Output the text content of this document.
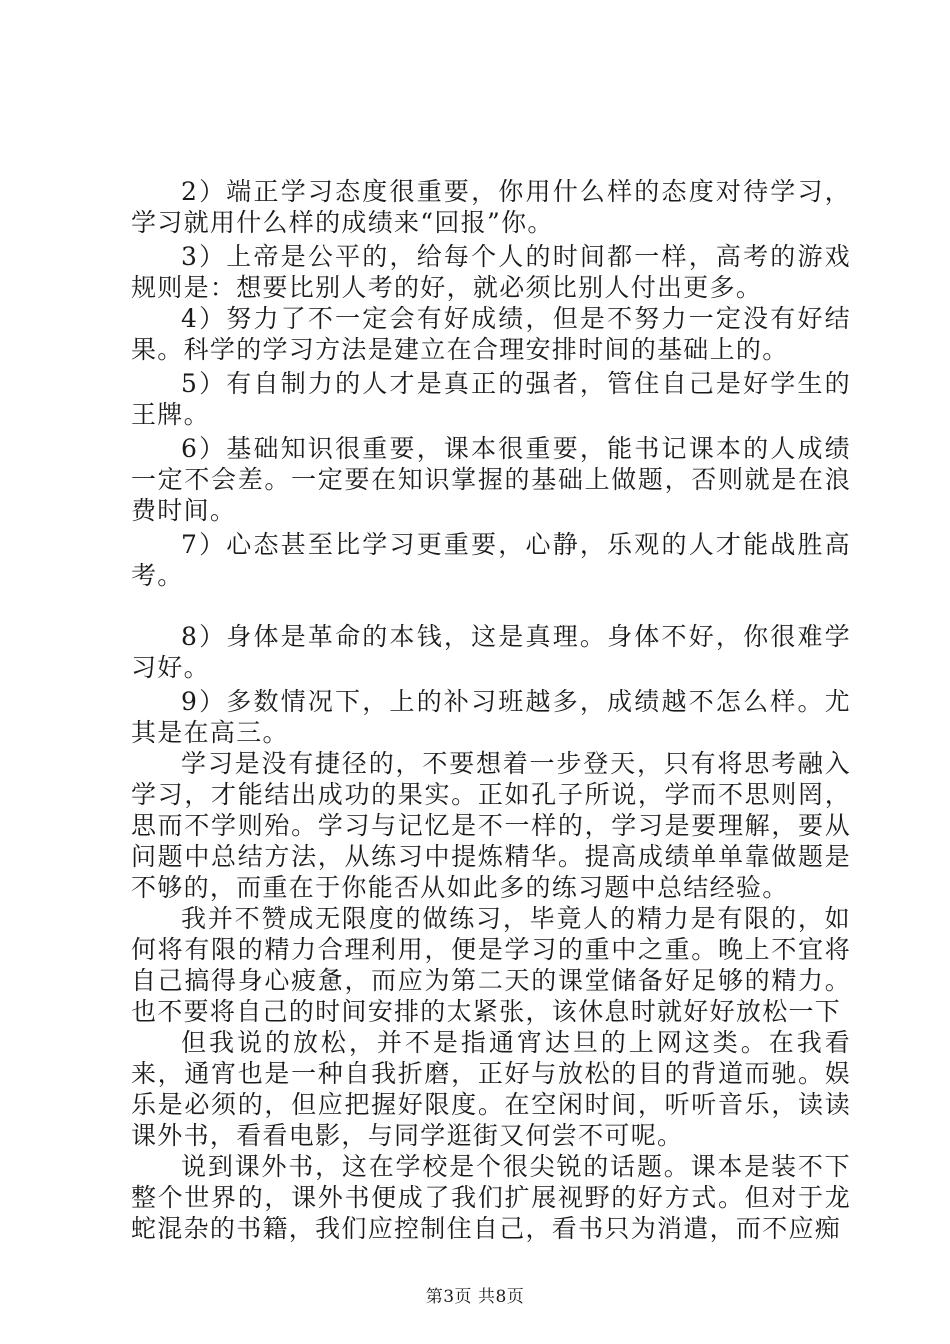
2）端正学习态度很重要，你用什么样的态度对待学习，学习就用什么样的成绩来“回报”你。

3）上帝是公平的，给每个人的时间都一样，高考的游戏规则是：想要比别人考的好，就必须比别人付出更多。

4）努力了不一定会有好成绩，但是不努力一定没有好结果。科学的学习方法是建立在合理安排时间的基础上的。

5）有自制力的人才是真正的强者，管住自己是好学生的王牌。

6）基础知识很重要，课本很重要，能书记课本的人成绩一定不会差。一定要在知识掌握的基础上做题，否则就是在浪费时间。

7）心态甚至比学习更重要，心静，乐观的人才能战胜高考。

8）身体是革命的本钱，这是真理。身体不好，你很难学习好。

9）多数情况下，上的补习班越多，成绩越不怎么样。尤其是在高三。

学习是没有捷径的，不要想着一步登天，只有将思考融入学习，才能结出成功的果实。正如孔子所说，学而不思则罔，思而不学则殆。学习与记忆是不一样的，学习是要理解，要从问题中总结方法，从练习中提炼精华。提高成绩单单靠做题是不够的，而重在于你能否从如此多的练习题中总结经验。

我并不赞成无限度的做练习，毕竟人的精力是有限的，如何将有限的精力合理利用，便是学习的重中之重。晚上不宜将自己搞得身心疲惫，而应为第二天的课堂储备好足够的精力。也不要将自己的时间安排的太紧张，该休息时就好好放松一下

但我说的放松，并不是指通宵达旦的上网这类。在我看来，通宵也是一种自我折磨，正好与放松的目的背道而驰。娱乐是必须的，但应把握好限度。在空闲时间，听听音乐，读读课外书，看看电影，与同学逛街又何尝不可呢。

说到课外书，这在学校是个很尖锐的话题。课本是装不下整个世界的，课外书便成了我们扩展视野的好方式。但对于龙蛇混杂的书籍，我们应控制住自己，看书只为消遣，而不应痴

第3页 共8页
